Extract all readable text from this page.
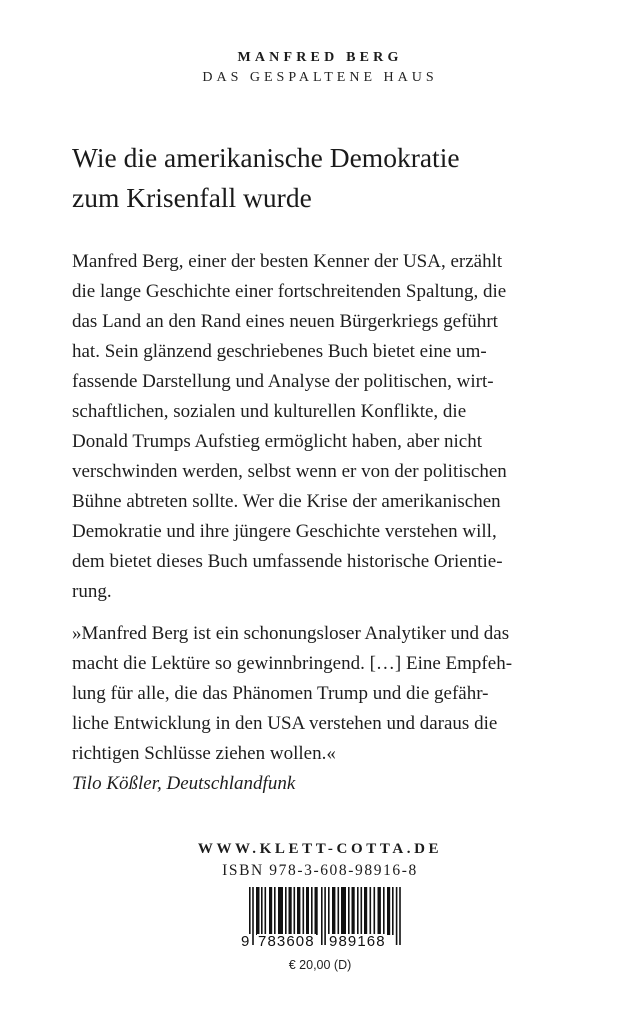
MANFRED BERG
DAS GESPALTENE HAUS
Wie die amerikanische Demokratie
zum Krisenfall wurde

Manfred Berg, einer der besten Kenner der USA, erzählt

die lange Geschichte einer fortschreitenden Spaltung, die

das Land an den Rand eines neuen Bürgerkriegs geführt

hat. Sein glänzend geschriebenes Buch bietet eine um-

fassende Darstellung und Analyse der politischen, wirt-

schaftlichen, sozialen und kulturellen Konflikte, die

Donald Trumps Aufstieg ermöglicht haben, aber nicht

verschwinden werden, selbst wenn er von der politischen

Bühne abtreten sollte. Wer die Krise der amerikanischen

Demokratie und ihre jüngere Geschichte verstehen will,

dem bietet dieses Buch umfassende historische Orientie-

rung.

»Manfred Berg ist ein schonungsloser Analytiker und das

macht die Lektüre so gewinnbringend. […] Eine Empfeh-

lung für alle, die das Phänomen Trump und die gefähr-

liche Entwicklung in den USA verstehen und daraus die

richtigen Schlüsse ziehen wollen.«

Tilo Kößler, Deutschlandfunk

WWW.KLETT-COTTA.DE
ISBN 978-3-608-98916-8
9 783608 989168
€ 20,00 (D)
